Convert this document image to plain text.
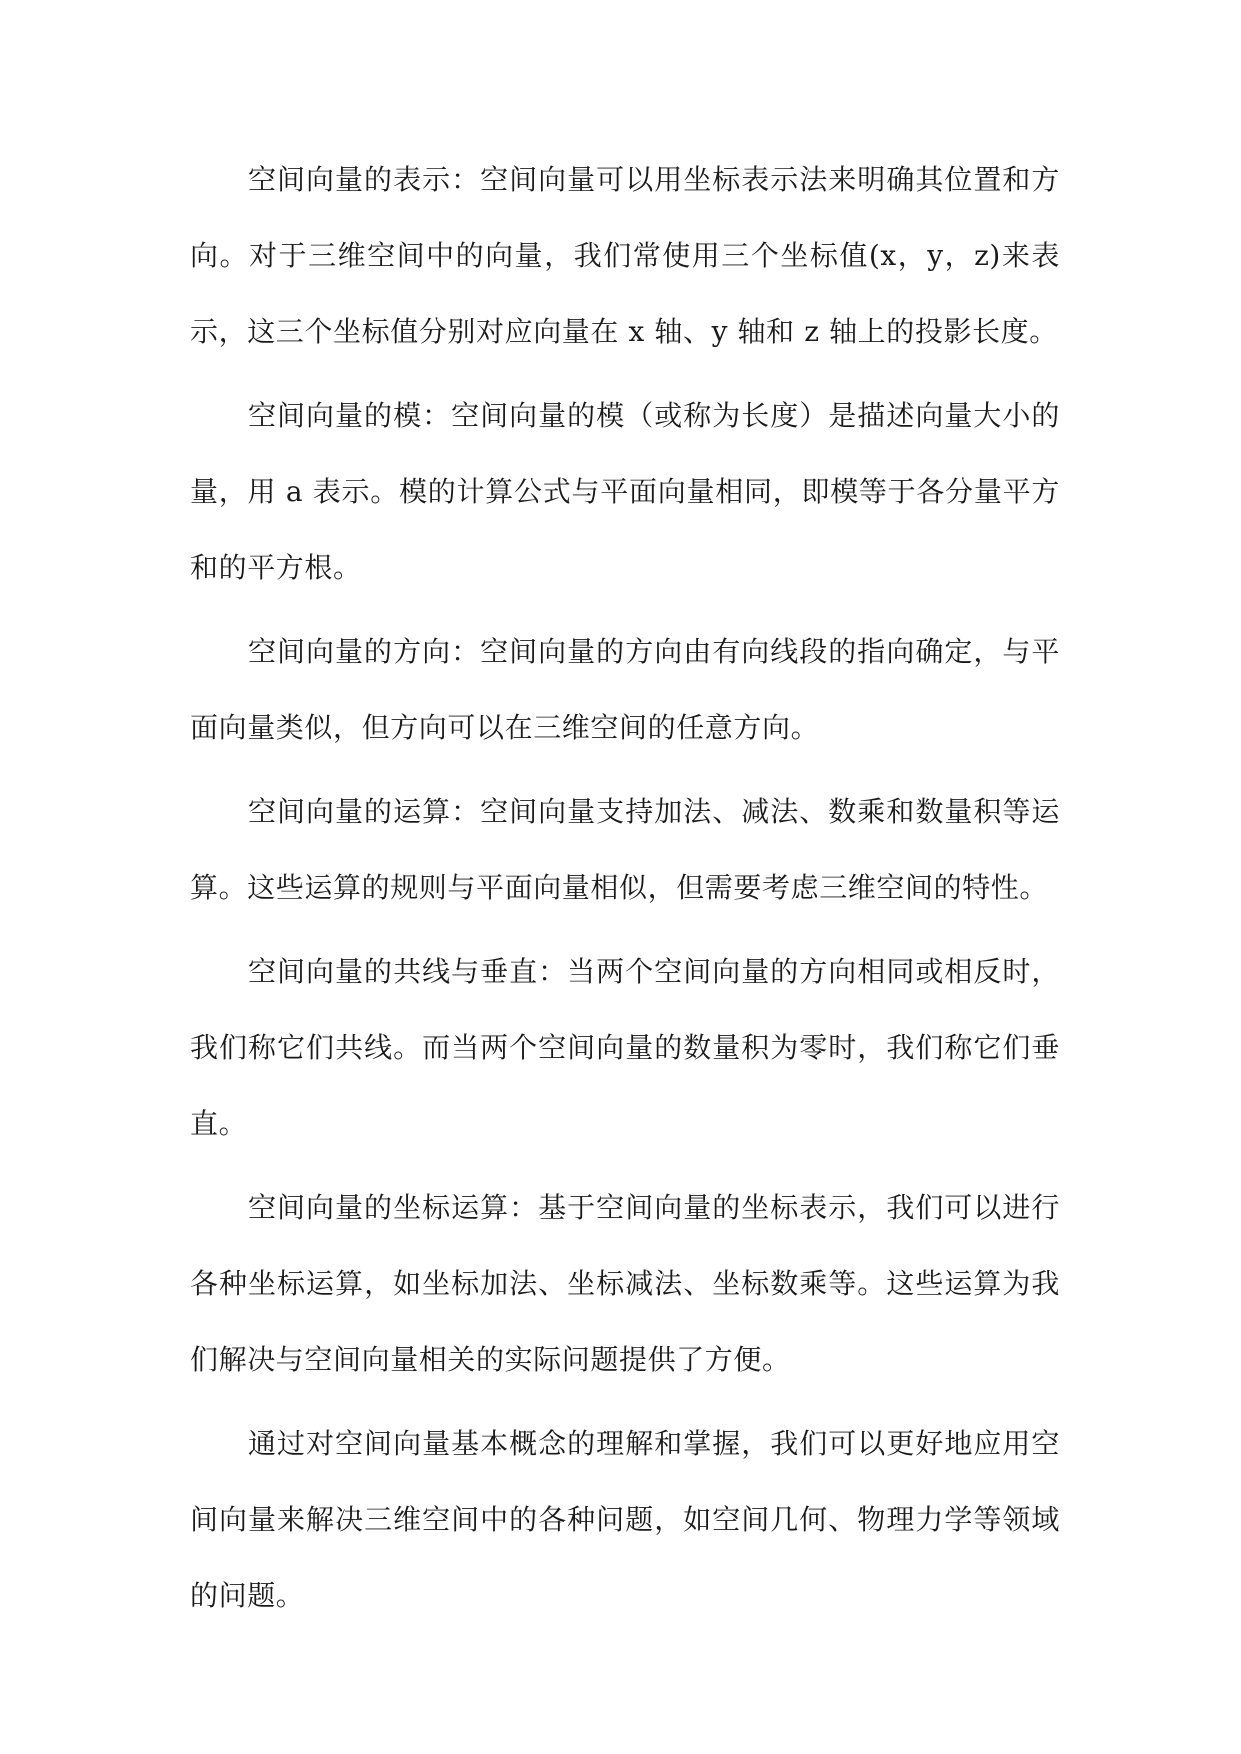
空间向量的表示：空间向量可以用坐标表示法来明确其位置和方向。对于三维空间中的向量，我们常使用三个坐标值(x，y，z)来表示，这三个坐标值分别对应向量在 x 轴、y 轴和 z 轴上的投影长度。

空间向量的模：空间向量的模（或称为长度）是描述向量大小的量，用 a 表示。模的计算公式与平面向量相同，即模等于各分量平方和的平方根。

空间向量的方向：空间向量的方向由有向线段的指向确定，与平面向量类似，但方向可以在三维空间的任意方向。

空间向量的运算：空间向量支持加法、减法、数乘和数量积等运算。这些运算的规则与平面向量相似，但需要考虑三维空间的特性。

空间向量的共线与垂直：当两个空间向量的方向相同或相反时，我们称它们共线。而当两个空间向量的数量积为零时，我们称它们垂直。

空间向量的坐标运算：基于空间向量的坐标表示，我们可以进行各种坐标运算，如坐标加法、坐标减法、坐标数乘等。这些运算为我们解决与空间向量相关的实际问题提供了方便。

通过对空间向量基本概念的理解和掌握，我们可以更好地应用空间向量来解决三维空间中的各种问题，如空间几何、物理力学等领域的问题。
